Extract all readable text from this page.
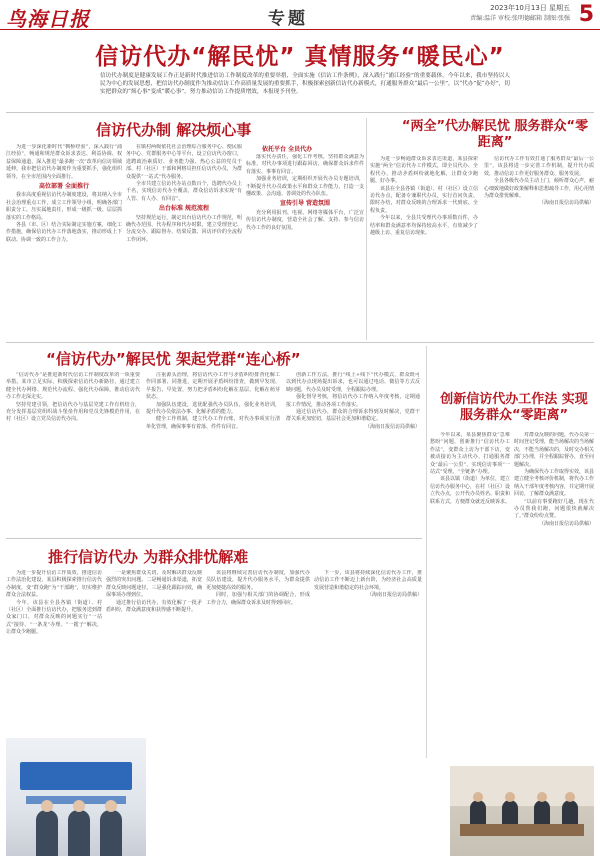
鸟海日报	专题
2023年10月13日 星期五
责编:温洋 审校:张明德邮箱 制图:张强 5
信访代办“解民忧” 真情服务“暖民心”
信访代办制度是健康发展工作正是新时代推进信访工作制度改革的重要举措，全面实施《信访工作条例》，深入践行“浦江经验”的重要载体。今年以来，我市坚持以人民为中心的发展思想，把信访代办制度作为推动信访工作高质量发展的重要抓手，积极探索创新信访代办新模式，打通服务群众“最后一公里”，以“代办”促“办好”，切实把群众的“烦心事”变成“暖心事”，努力推动信访工作提质增效，本报现予刊登。
信访代办制 解决烦心事
为进一步深化新时代“枫桥经验”，深入践行“浦江经验”，畅通和规范群众诉求表达、利益协调、权益保障通道，深入推进“最多跑一次”改革向信访领域延伸，我市把信访代办制度作为重要抓手，强化组织领导，在全市范围内全面推行。
高位部署 全面推行
我市高度重视信访代办制度建设，将其纳入全市社会治理重点工作，成立工作领导小组，明确各部门职责分工，压实属地责任，形成一级抓一级、层层抓落实的工作格局。
各县（市、区）结合实际制定实施方案，细化工作措施，确保信访代办工作落地落实，推动形成上下联动、协调一致的工作合力。
在镇村两级依托社会治理综合服务中心、便民服务中心、党群服务中心等平台，设立信访代办窗口，选聘政治素质好、业务能力强、热心公益的党员干部、村（社区）干部和网格员担任信访代办员，为群众提供“一站式”代办服务。
全市共建立信访代办站点数百个，选聘代办员上千名，实现信访代办全覆盖，群众信访诉求实现“有人管、有人办、有回音”。
出台标准 规范流程
坚持规范运行，制定出台信访代办工作规范，明确代办范围、代办程序和代办时限，建立受理登记、分流交办、跟踪督办、结果反馈、回访评价的全流程工作闭环。
依托平台 全员代办
落实代办责任，强化工作考核，坚持群众满意为标准，对代办事项进行跟踪回访，确保群众诉求件件有落实、事事有回音。
加强业务培训，定期组织开展代办员专题培训，不断提升代办员政策水平和群众工作能力，打造一支懂政策、会沟通、善调处的代办队伍。
宣传引导 营造氛围
充分利用报刊、电视、网络等媒体平台，广泛宣传信访代办制度，营造全社会了解、支持、参与信访代办工作的良好氛围。
“两全”代办解民忧 服务群众“零距离”
为进一步畅通群众诉求表达渠道，某县探索实施“两全”信访代办工作模式，即全员代办、全程代办，推动矛盾纠纷就地化解，让群众少跑腿、好办事。
该县在全县各镇（街道）、村（社区）设立信访代办点，配备专兼职代办员，实行首问负责、限时办结，对群众反映的合理诉求一代到底、全程负责。
今年以来，全县共受理代办事项数百件，办结率和群众满意率均保持较高水平，有效减少了越级上访、重复信访现象。
信访代办工作有效打通了服务群众“最后一公里”，该县将进一步完善工作机制，提升代办质效，推动信访工作更好服务群众、服务发展。
全县各级代办员主动上门，倾听群众心声，耐心细致地做好政策解释和思想疏导工作，用心用情为群众排忧解难。
（海南日报信访局供稿）
“信访代办”解民忧 架起党群“连心桥”
“信访代办”是推进新时代信访工作制度改革的一项重要举措。某市立足实际，积极探索信访代办新路径，通过建立健全代办网络、规范代办流程、强化代办保障，推动信访代办工作走深走实。
坚持党建引领，把信访代办与基层党建工作有机结合，充分发挥基层党组织战斗堡垒作用和党员先锋模范作用，在村（社区）设立党员信访代办岗。
注重源头治理，将信访代办工作与矛盾纠纷排查化解工作同部署、同推进，定期开展矛盾纠纷排查，做到早发现、早报告、早处置，努力把矛盾纠纷化解在基层、化解在萌芽状态。
加强队伍建设，选优配强代办员队伍，强化业务培训，提升代办员依法办事、化解矛盾的能力。
健全工作机制，建立代办工作台账，对代办事项实行清单化管理，确保事事有着落、件件有回音。
创新工作方法，推行“线上+线下”代办模式，群众既可以到代办点现场提出诉求，也可以通过电话、微信等方式反映问题，代办员及时受理，全程跟踪办理。
强化督导考核，将信访代办工作纳入年度考核，定期通报工作情况，推动各项工作落实。
通过信访代办，群众的合理诉求得到及时解决，党群干群关系更加密切，基层社会更加和谐稳定。
（海南日报信访局供稿）
创新信访代办工作法 实现服务群众“零距离”
今年以来，某县聚焦群众“急难愁盼”问题，创新推行“信访代办工作法”，变群众上访为干部下访，变被动接访为主动代办，打通服务群众“最后一公里”，实现信访事项“一站式”受理、“全链条”办理。
该县以镇（街道）为单位，建立信访代办服务中心，在村（社区）设立代办点，公开代办员姓名、职责和联系方式，方便群众就近反映诉求。
对群众反映的问题，代办员第一时间登记受理，能当场解决的当场解决，不能当场解决的，及时交办相关部门办理，并全程跟踪督办，直至问题解决。
为确保代办工作取得实效，该县建立健全考核评价机制，将代办工作纳入干部年度考核内容，并定期开展回访，了解群众满意度。
“以前有事要跑好几趟，现在代办员帮我们跑，问题很快就解决了。”群众纷纷点赞。
（海南日报信访局供稿）
推行信访代办 为群众排忧解难
为进一步提升信访工作质效，推进信访工作法治化建设，某县积极探索推行信访代办制度，变“群众跑”为“干部跑”，切实维护群众合法权益。
今年，该县在全县各镇（街道）、村（社区）全面推行信访代办，把服务送到群众家门口，对群众反映的问题实行“一站式”接待、“一条龙”办理、“一揽子”解决，让群众少跑腿。
一是聚焦群众关切，及时解决群众反映强烈的突出问题。二是畅通诉求渠道，拓宽群众反映问题途径。三是强化跟踪问效，确保事项办理到位。
通过推行信访代办，有效化解了一批矛盾纠纷，群众满意度和获得感不断提升。
该县将继续完善信访代办制度，加强代办员队伍建设，提升代办服务水平，为群众提供更加便捷高效的服务。
同时，加强与相关部门的协调配合，形成工作合力，确保群众诉求及时得到回应。
下一步，该县将持续深化信访代办工作，推动信访工作不断迈上新台阶，为经济社会高质量发展营造和谐稳定的社会环境。
（海南日报信访局供稿）
